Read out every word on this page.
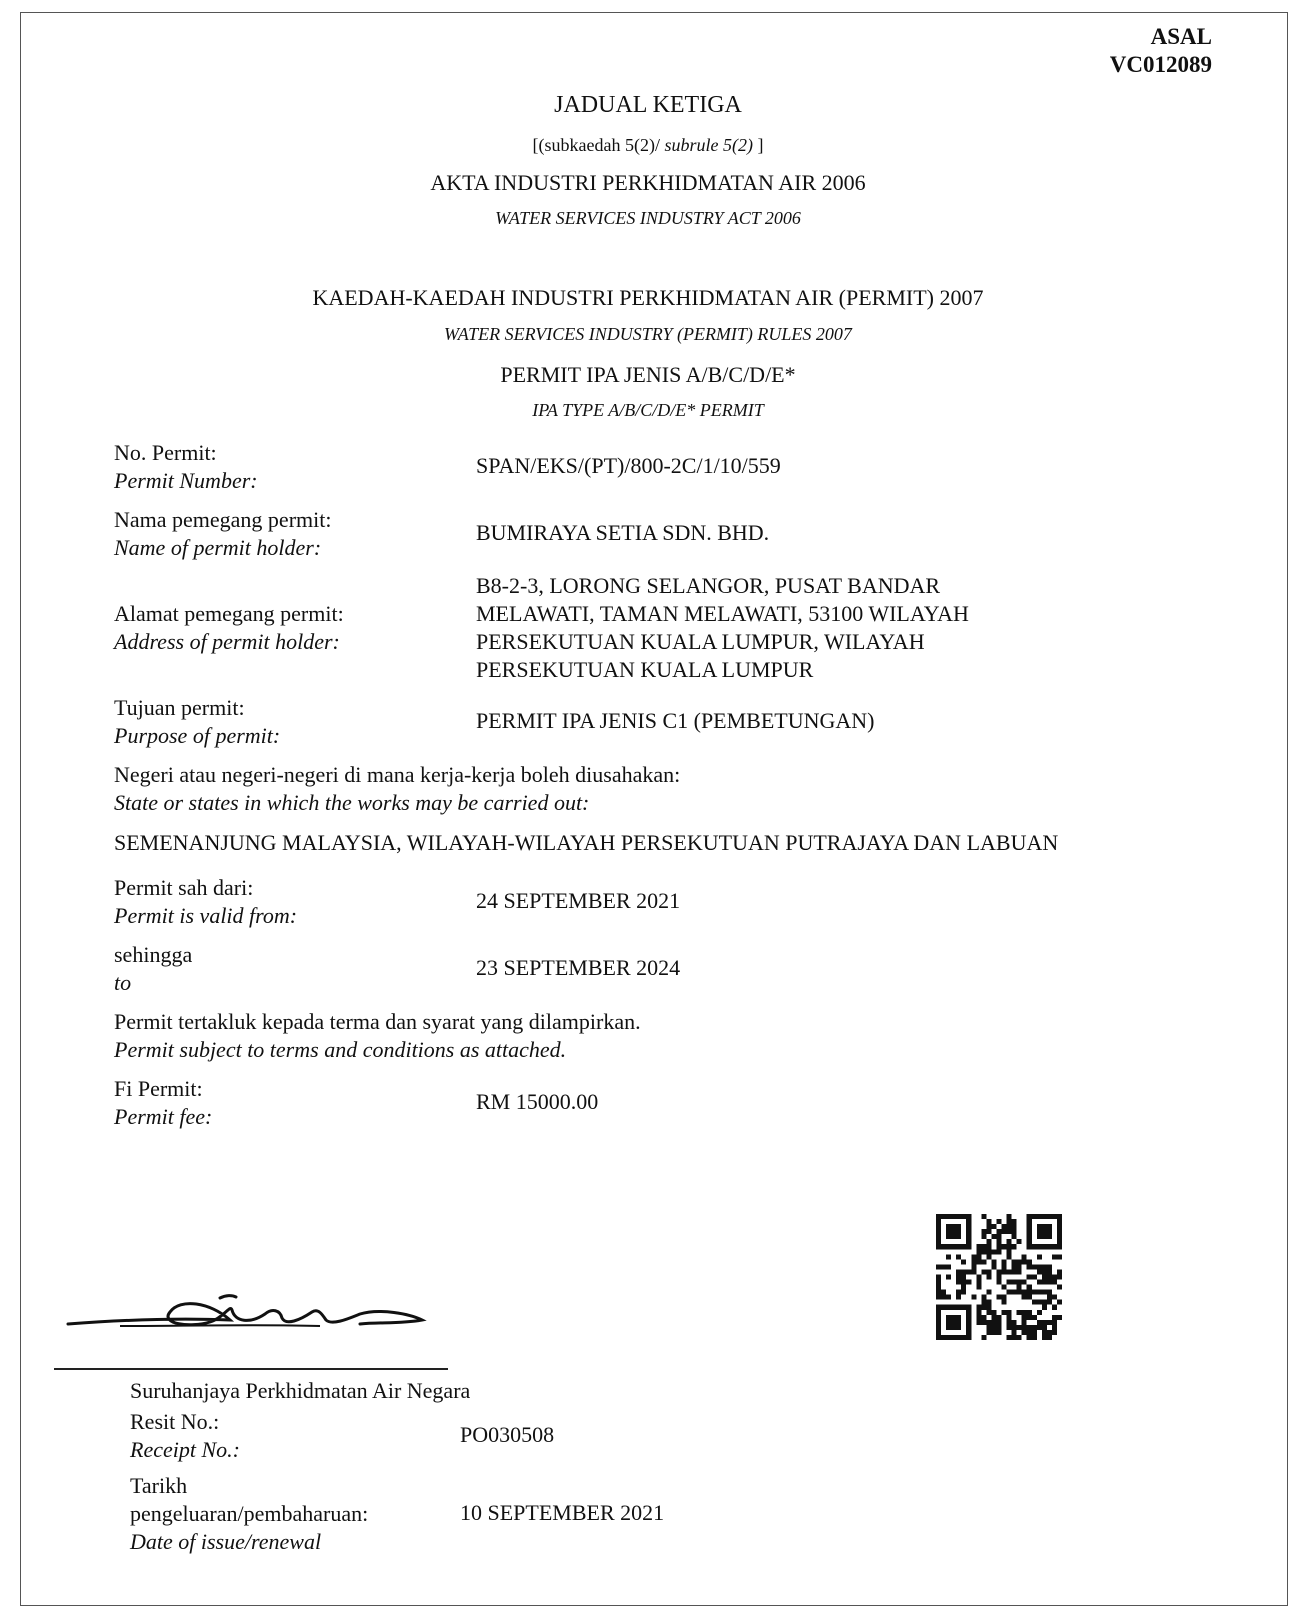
ASAL
VC012089
JADUAL KETIGA
[(subkaedah 5(2)/ subrule 5(2) ]
AKTA INDUSTRI PERKHIDMATAN AIR 2006
WATER SERVICES INDUSTRY ACT 2006
KAEDAH-KAEDAH INDUSTRI PERKHIDMATAN AIR (PERMIT) 2007
WATER SERVICES INDUSTRY (PERMIT) RULES 2007
PERMIT IPA JENIS A/B/C/D/E*
IPA TYPE A/B/C/D/E* PERMIT
No. Permit:
Permit Number:
SPAN/EKS/(PT)/800-2C/1/10/559
Nama pemegang permit:
Name of permit holder:
BUMIRAYA SETIA SDN. BHD.
Alamat pemegang permit:
Address of permit holder:
B8-2-3, LORONG SELANGOR, PUSAT BANDAR
MELAWATI, TAMAN MELAWATI, 53100 WILAYAH
PERSEKUTUAN KUALA LUMPUR, WILAYAH
PERSEKUTUAN KUALA LUMPUR
Tujuan permit:
Purpose of permit:
PERMIT IPA JENIS C1 (PEMBETUNGAN)
Negeri atau negeri-negeri di mana kerja-kerja boleh diusahakan:
State or states in which the works may be carried out:
SEMENANJUNG MALAYSIA, WILAYAH-WILAYAH PERSEKUTUAN PUTRAJAYA DAN LABUAN
Permit sah dari:
Permit is valid from:
24 SEPTEMBER 2021
sehingga
to
23 SEPTEMBER 2024
Permit tertakluk kepada terma dan syarat yang dilampirkan.
Permit subject to terms and conditions as attached.
Fi Permit:
Permit fee:
RM 15000.00
Suruhanjaya Perkhidmatan Air Negara
Resit No.:
Receipt No.:
PO030508
Tarikh
pengeluaran/pembaharuan:
Date of issue/renewal
10 SEPTEMBER 2021
